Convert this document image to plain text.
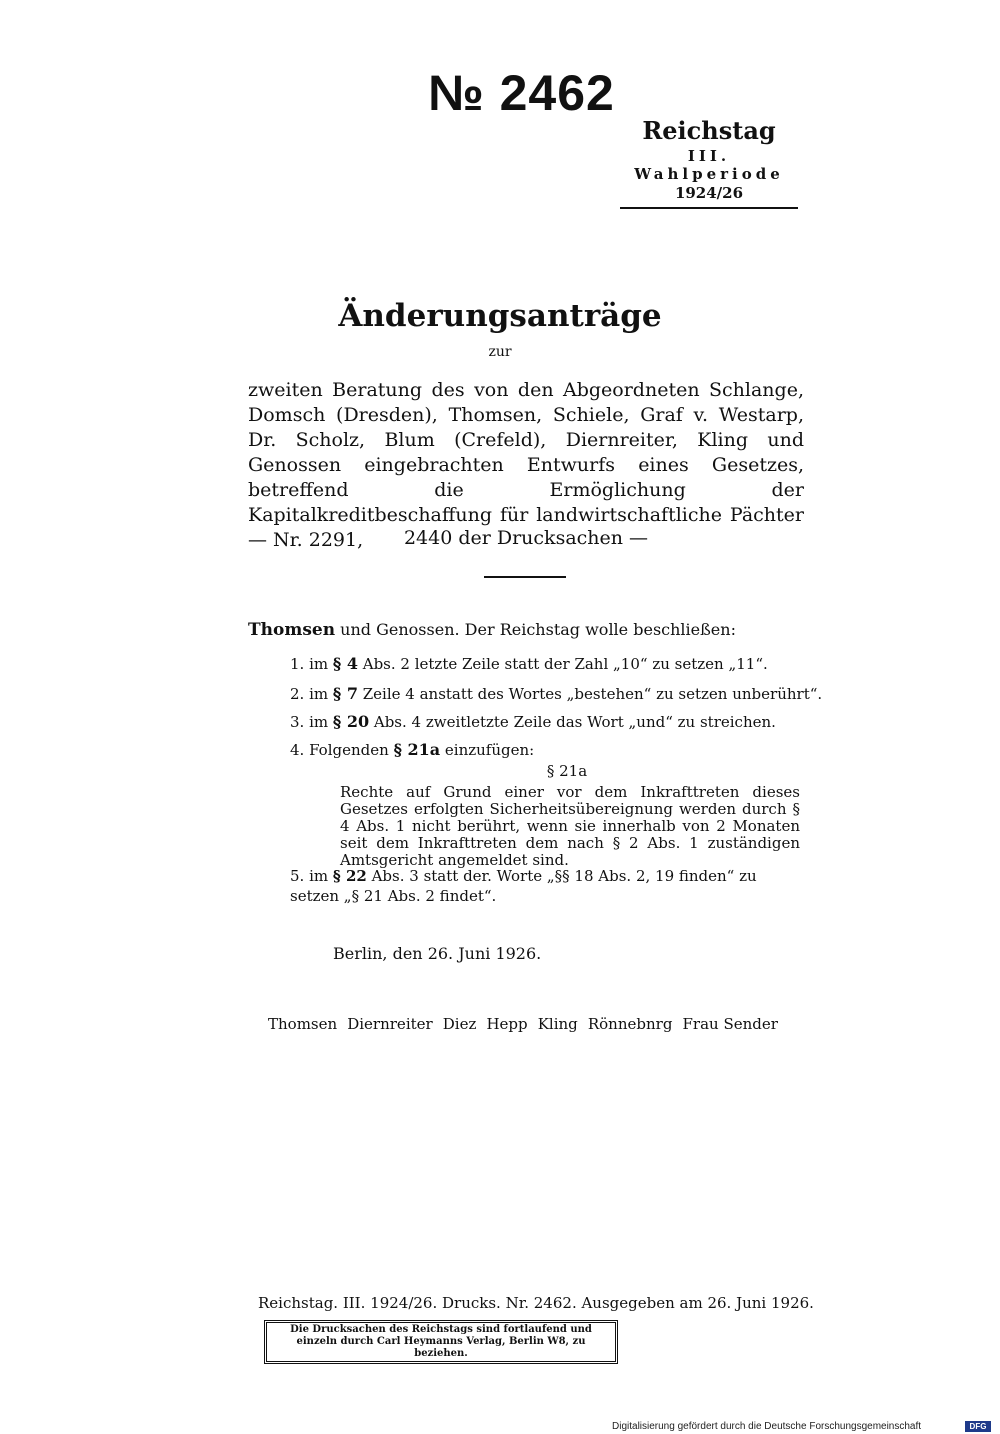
№ 2462
Reichstag
III. Wahlperiode
1924/26
Änderungsanträge
zur
zweiten Beratung des von den Abgeordneten Schlange, Domsch (Dresden), Thomsen, Schiele, Graf v. Westarp, Dr. Scholz, Blum (Crefeld), Diernreiter, Kling und Genossen eingebrachten Entwurfs eines Gesetzes, betreffend die Ermöglichung der Kapitalkreditbeschaffung für landwirtschaftliche Pächter — Nr. 2291,	2440 der Drucksachen —
Thomsen und Genossen. Der Reichstag wolle beschließen:
1. im § 4 Abs. 2 letzte Zeile statt der Zahl „10“ zu setzen „11“.
2. im § 7 Zeile 4 anstatt des Wortes „bestehen“ zu setzen unberührt“.
3. im § 20 Abs. 4 zweitletzte Zeile das Wort „und“ zu streichen.
4. Folgenden § 21a einzufügen:
§ 21a
Rechte auf Grund einer vor dem Inkrafttreten dieses Gesetzes erfolgten Sicherheitsübereignung werden durch § 4 Abs. 1 nicht berührt, wenn sie innerhalb von 2 Monaten seit dem Inkrafttreten dem nach § 2 Abs. 1 zuständigen Amtsgericht angemeldet sind.
5. im § 22 Abs. 3 statt der. Worte „§§ 18 Abs. 2, 19 finden“ zu setzen „§ 21 Abs. 2 findet“.
Berlin, den 26. Juni 1926.
Thomsen Diernreiter Diez Hepp Kling Rönnebnrg Frau Sender
Reichstag. III. 1924/26. Drucks. Nr. 2462. Ausgegeben am 26. Juni 1926.
Die Drucksachen des Reichstags sind fortlaufend und einzeln durch Carl Heymanns Verlag, Berlin W8, zu beziehen.
Digitalisierung gefördert durch die Deutsche Forschungsgemeinschaft	DFG
